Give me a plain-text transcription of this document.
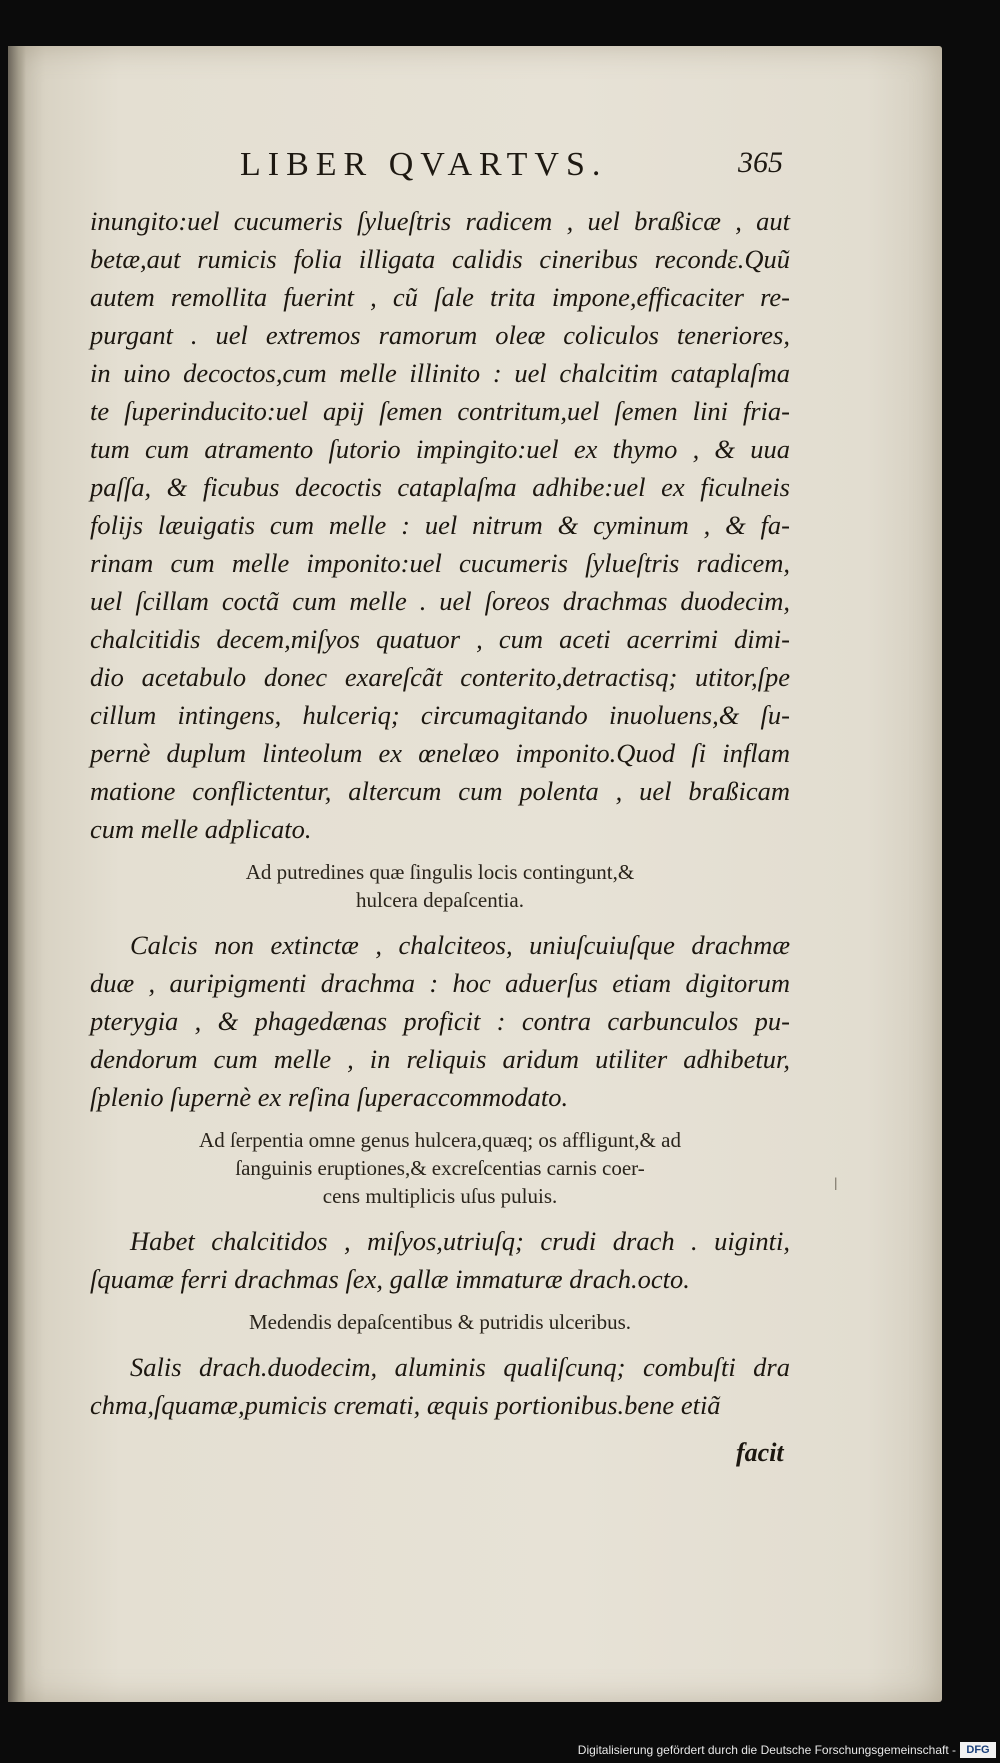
LIBER QVARTVS.	365

inungito:uel cucumeris ſylueſtris radicem , uel braßicæ , aut
betæ,aut rumicis folia illigata calidis cineribus recondε.Quũ
autem remollita fuerint , cũ ſale trita impone,efficaciter re-
purgant . uel extremos ramorum oleæ coliculos teneriores,
in uino decoctos,cum melle illinito : uel chalcitim cataplaſma
te ſuperinducito:uel apij ſemen contritum,uel ſemen lini fria-
tum cum atramento ſutorio impingito:uel ex thymo , & uua
paſſa, & ficubus decoctis cataplaſma adhibe:uel ex ficulneis
folijs læuigatis cum melle : uel nitrum & cyminum , & fa-
rinam cum melle imponito:uel cucumeris ſylueſtris radicem,
uel ſcillam coctã cum melle . uel ſoreos drachmas duodecim,
chalcitidis decem,miſyos quatuor , cum aceti acerrimi dimi-
dio acetabulo donec exareſcãt conterito,detractisq; utitor,ſpe
cillum intingens, hulceriq; circumagitando inuoluens,& ſu-
pernè duplum linteolum ex œnelæo imponito.Quod ſi inflam
matione conflictentur, altercum cum polenta , uel braßicam
cum melle adplicato.

Ad putredines quæ ſingulis locis contingunt,&
hulcera depaſcentia.

Calcis non extinctæ , chalciteos, uniuſcuiuſque drachmæ
duæ , auripigmenti drachma : hoc aduerſus etiam digitorum
pterygia , & phagedænas proficit : contra carbunculos pu-
dendorum cum melle , in reliquis aridum utiliter adhibetur,
ſplenio ſupernè ex reſina ſuperaccommodato.

Ad ſerpentia omne genus hulcera,quæq; os affligunt,& ad
ſanguinis eruptiones,& excreſcentias carnis coer-
cens multiplicis uſus puluis.

Habet chalcitidos , miſyos,utriuſq; crudi drach . uiginti,
ſquamæ ferri drachmas ſex, gallæ immaturæ drach.octo.

Medendis depaſcentibus & putridis ulceribus.

Salis drach.duodecim, aluminis qualiſcunq; combuſti dra
chma,ſquamæ,pumicis cremati, æquis portionibus.bene etiã

ǀ
facit
Digitalisierung gefördert durch die Deutsche Forschungsgemeinschaft - DFG
